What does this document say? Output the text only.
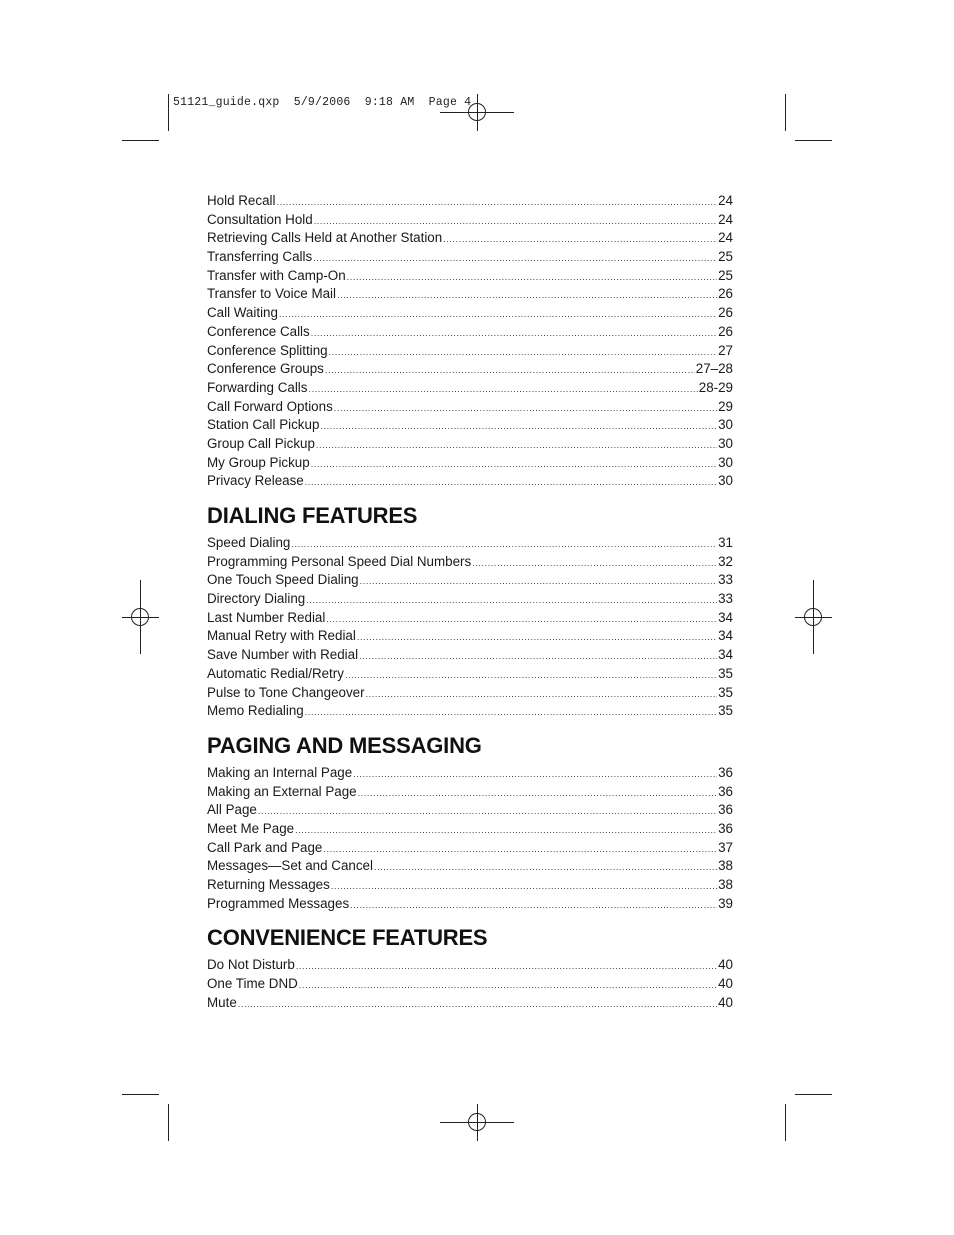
51121_guide.qxp  5/9/2006  9:18 AM  Page 4
Hold Recall .....	24
Consultation Hold .....	24
Retrieving Calls Held at Another Station .....	24
Transferring Calls .....	25
Transfer with Camp-On .....	25
Transfer to Voice Mail .....	26
Call Waiting .....	26
Conference Calls .....	26
Conference Splitting .....	27
Conference Groups .....	27–28
Forwarding Calls .....	28-29
Call Forward Options .....	29
Station Call Pickup .....	30
Group Call Pickup .....	30
My Group Pickup .....	30
Privacy Release .....	30
DIALING FEATURES
Speed Dialing .....	31
Programming Personal Speed Dial Numbers .....	32
One Touch Speed Dialing .....	33
Directory Dialing .....	33
Last Number Redial .....	34
Manual Retry with Redial .....	34
Save Number with Redial .....	34
Automatic Redial/Retry .....	35
Pulse to Tone Changeover .....	35
Memo Redialing .....	35
PAGING AND MESSAGING
Making an Internal Page .....	36
Making an External Page .....	36
All Page .....	36
Meet Me Page .....	36
Call Park and Page .....	37
Messages—Set and Cancel .....	38
Returning Messages .....	38
Programmed Messages .....	39
CONVENIENCE FEATURES
Do Not Disturb .....	40
One Time DND .....	40
Mute .....	40
